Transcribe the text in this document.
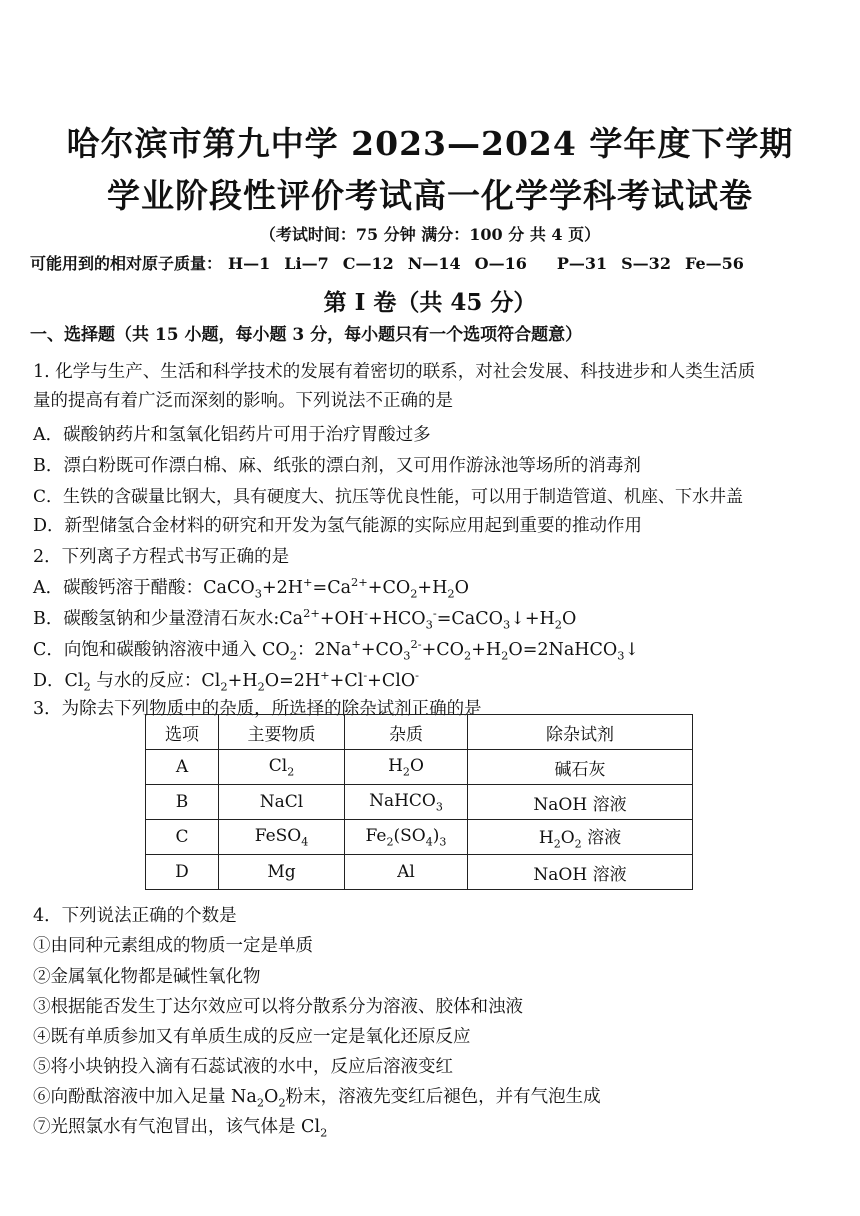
哈尔滨市第九中学 2023—2024 学年度下学期
学业阶段性评价考试高一化学学科考试试卷
（考试时间：75 分钟 满分：100 分 共 4 页）
可能用到的相对原子质量： H—1 Li—7 C—12 N—14 O—16 P—31 S—32 Fe—56
第 I 卷（共 45 分）
一、选择题（共 15 小题，每小题 3 分，每小题只有一个选项符合题意）
1. 化学与生产、生活和科学技术的发展有着密切的联系，对社会发展、科技进步和人类生活质
量的提高有着广泛而深刻的影响。下列说法不正确的是
A．碳酸钠药片和氢氧化铝药片可用于治疗胃酸过多
B．漂白粉既可作漂白棉、麻、纸张的漂白剂，又可用作游泳池等场所的消毒剂
C．生铁的含碳量比钢大，具有硬度大、抗压等优良性能，可以用于制造管道、机座、下水井盖
D．新型储氢合金材料的研究和开发为氢气能源的实际应用起到重要的推动作用
2．下列离子方程式书写正确的是
A．碳酸钙溶于醋酸：$CaCO_3+2H^+=Ca^{2+}+CO_2+H_2O$
B．碳酸氢钠和少量澄清石灰水$:Ca^{2+}+OH^-+HCO_3^-=CaCO_3↓+H_2O$
C．向饱和碳酸钠溶液中通入 $CO_2$：$2Na^++CO_3^{2-}+CO_2+H_2O=2NaHCO_3↓$
D．$Cl_2$ 与水的反应：$Cl_2+H_2O=2H^++Cl^-+ClO^-$
3．为除去下列物质中的杂质，所选择的除杂试剂正确的是
选项	主要物质	杂质	除杂试剂
A	$Cl_2$	$H_2O$	碱石灰
B	NaCl	NaHCO$_3$	NaOH 溶液
C	FeSO$_4$	$Fe_2(SO_4)_3$	$H_2O_2$ 溶液
D	Mg	Al	NaOH 溶液
4．下列说法正确的个数是
①由同种元素组成的物质一定是单质
②金属氧化物都是碱性氧化物
③根据能否发生丁达尔效应可以将分散系分为溶液、胶体和浊液
④既有单质参加又有单质生成的反应一定是氧化还原反应
⑤将小块钠投入滴有石蕊试液的水中，反应后溶液变红
⑥向酚酞溶液中加入足量 $Na_2O_2$粉末，溶液先变红后褪色，并有气泡生成
⑦光照氯水有气泡冒出，该气体是 $Cl_2$
